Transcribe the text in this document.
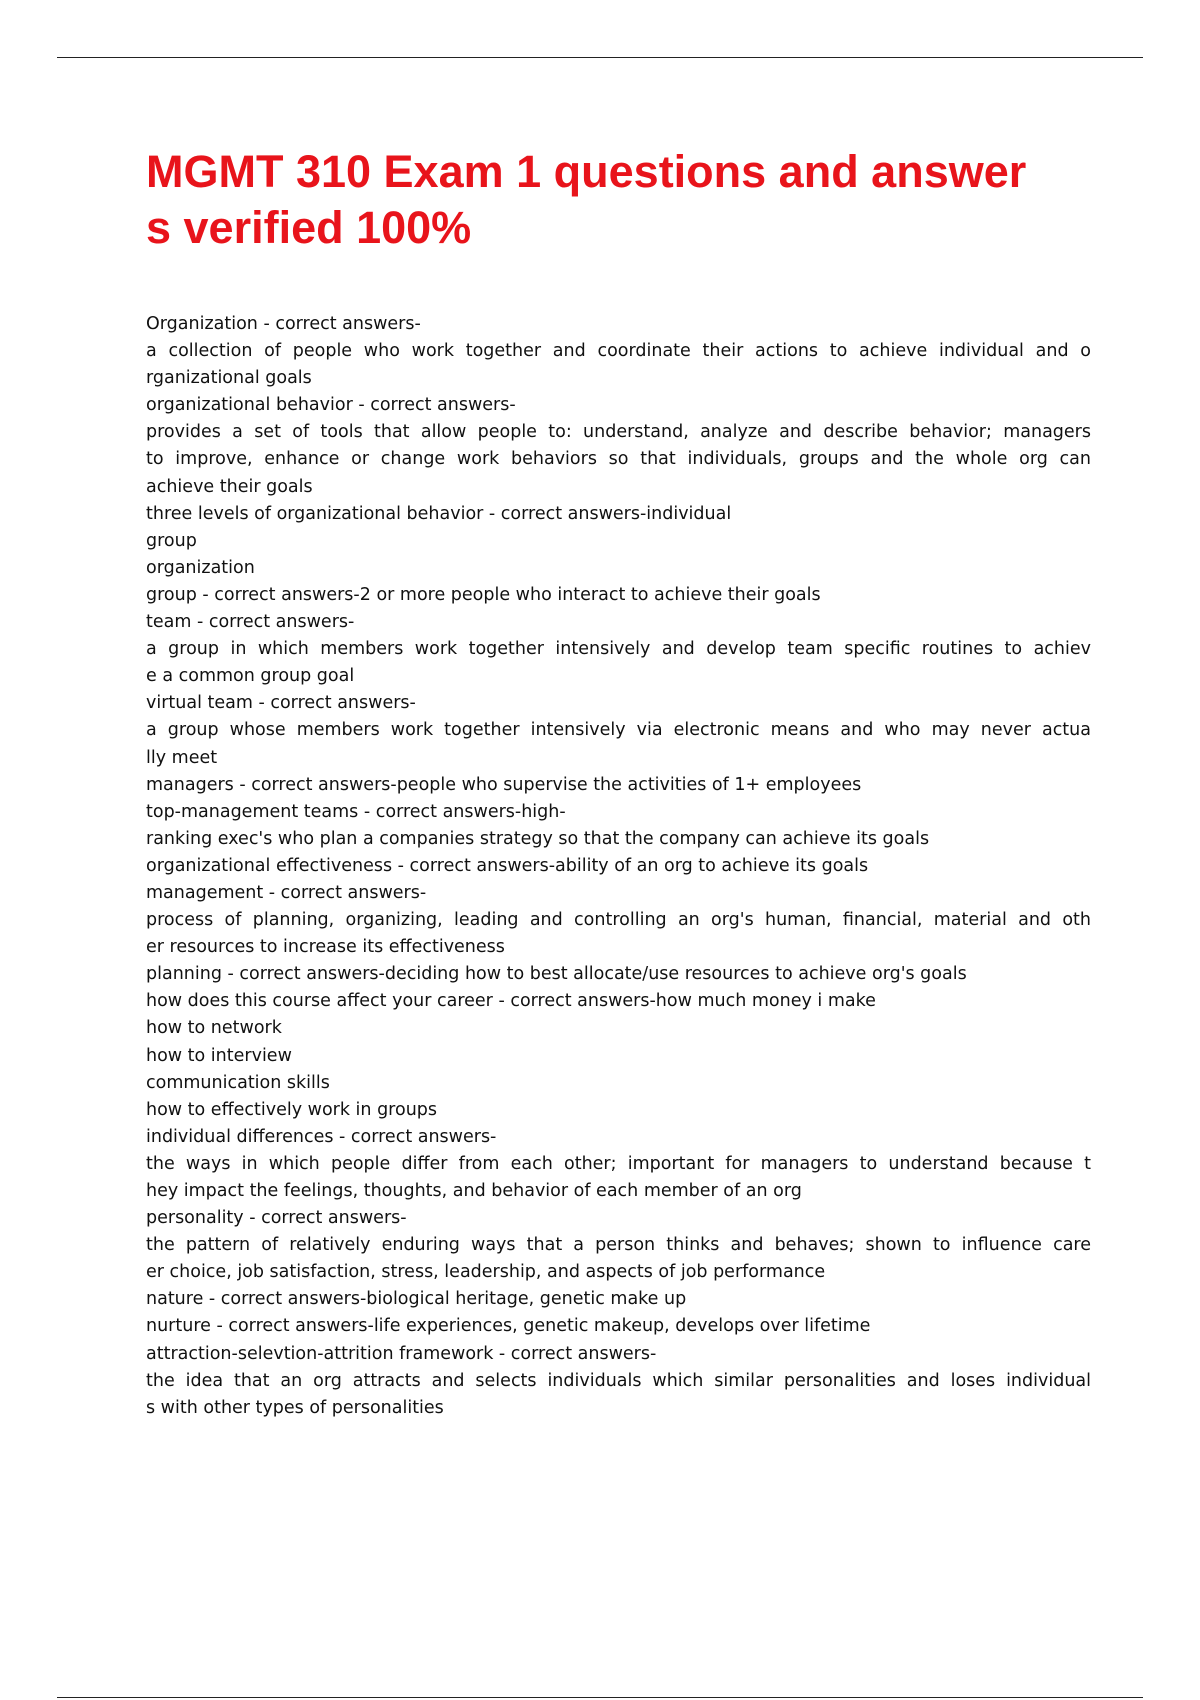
MGMT 310 Exam 1 questions and answer
s verified 100%
Organization - correct answers-
a collection of people who work together and coordinate their actions to achieve individual and o
rganizational goals
organizational behavior - correct answers-
provides a set of tools that allow people to: understand, analyze and describe behavior; managers
to improve, enhance or change work behaviors so that individuals, groups and the whole org can
achieve their goals
three levels of organizational behavior - correct answers-individual
group
organization
group - correct answers-2 or more people who interact to achieve their goals
team - correct answers-
a group in which members work together intensively and develop team specific routines to achiev
e a common group goal
virtual team - correct answers-
a group whose members work together intensively via electronic means and who may never actua
lly meet
managers - correct answers-people who supervise the activities of 1+ employees
top-management teams - correct answers-high-
ranking exec's who plan a companies strategy so that the company can achieve its goals
organizational effectiveness - correct answers-ability of an org to achieve its goals
management - correct answers-
process of planning, organizing, leading and controlling an org's human, financial, material and oth
er resources to increase its effectiveness
planning - correct answers-deciding how to best allocate/use resources to achieve org's goals
how does this course affect your career - correct answers-how much money i make
how to network
how to interview
communication skills
how to effectively work in groups
individual differences - correct answers-
the ways in which people differ from each other; important for managers to understand because t
hey impact the feelings, thoughts, and behavior of each member of an org
personality - correct answers-
the pattern of relatively enduring ways that a person thinks and behaves; shown to influence care
er choice, job satisfaction, stress, leadership, and aspects of job performance
nature - correct answers-biological heritage, genetic make up
nurture - correct answers-life experiences, genetic makeup, develops over lifetime
attraction-selevtion-attrition framework - correct answers-
the idea that an org attracts and selects individuals which similar personalities and loses individual
s with other types of personalities
